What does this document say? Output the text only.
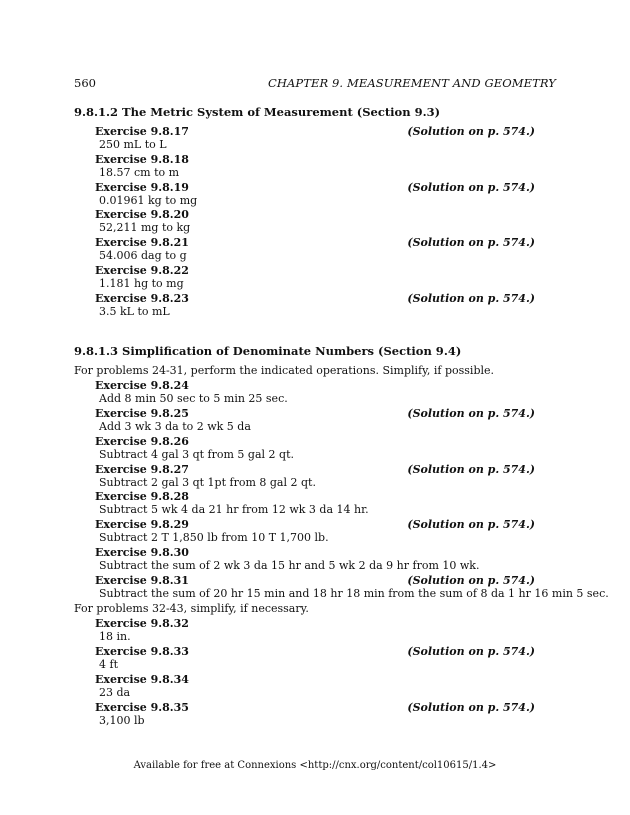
560	CHAPTER 9. MEASUREMENT AND GEOMETRY
9.8.1.2 The Metric System of Measurement (Section 9.3)
Exercise 9.8.17	(Solution on p. 574.)
250 mL to L
Exercise 9.8.18
18.57 cm to m
Exercise 9.8.19	(Solution on p. 574.)
0.01961 kg to mg
Exercise 9.8.20
52,211 mg to kg
Exercise 9.8.21	(Solution on p. 574.)
54.006 dag to g
Exercise 9.8.22
1.181 hg to mg
Exercise 9.8.23	(Solution on p. 574.)
3.5 kL to mL
9.8.1.3 Simplification of Denominate Numbers (Section 9.4)
For problems 24-31, perform the indicated operations. Simplify, if possible.
Exercise 9.8.24
Add 8 min 50 sec to 5 min 25 sec.
Exercise 9.8.25	(Solution on p. 574.)
Add 3 wk 3 da to 2 wk 5 da
Exercise 9.8.26
Subtract 4 gal 3 qt from 5 gal 2 qt.
Exercise 9.8.27	(Solution on p. 574.)
Subtract 2 gal 3 qt 1pt from 8 gal 2 qt.
Exercise 9.8.28
Subtract 5 wk 4 da 21 hr from 12 wk 3 da 14 hr.
Exercise 9.8.29	(Solution on p. 574.)
Subtract 2 T 1,850 lb from 10 T 1,700 lb.
Exercise 9.8.30
Subtract the sum of 2 wk 3 da 15 hr and 5 wk 2 da 9 hr from 10 wk.
Exercise 9.8.31	(Solution on p. 574.)
Subtract the sum of 20 hr 15 min and 18 hr 18 min from the sum of 8 da 1 hr 16 min 5 sec.
For problems 32-43, simplify, if necessary.
Exercise 9.8.32
18 in.
Exercise 9.8.33	(Solution on p. 574.)
4 ft
Exercise 9.8.34
23 da
Exercise 9.8.35	(Solution on p. 574.)
3,100 lb
Available for free at Connexions <http://cnx.org/content/col10615/1.4>
